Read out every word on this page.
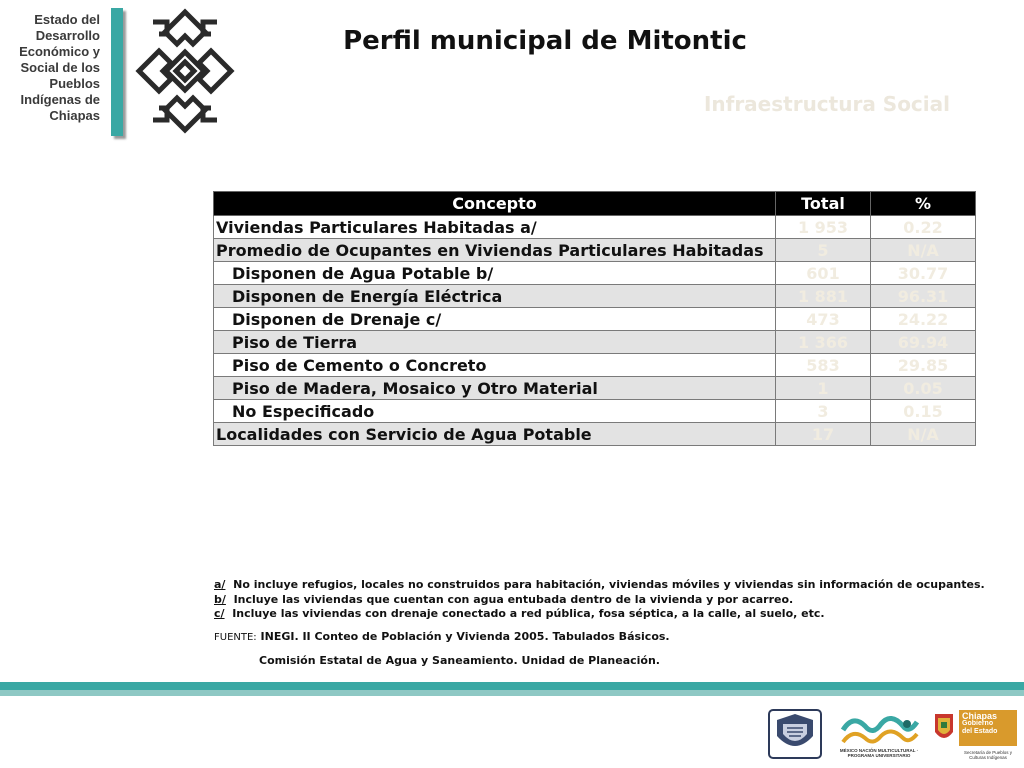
Estado del
Desarrollo
Económico y
Social de los
Pueblos
Indígenas de
Chiapas
Perfil municipal de Mitontic
Infraestructura Social
Concepto	Total	%
Viviendas Particulares Habitadas a/	1 953	0.22
Promedio de Ocupantes en Viviendas Particulares Habitadas	5	N/A
Disponen de Agua Potable b/	601	30.77
Disponen de Energía Eléctrica	1 881	96.31
Disponen de Drenaje c/	473	24.22
Piso de Tierra	1 366	69.94
Piso de Cemento o Concreto	583	29.85
Piso de Madera, Mosaico y Otro Material	1	0.05
No Especificado	3	0.15
Localidades con Servicio de Agua Potable	17	N/A
a/ No incluye refugios, locales no construidos para habitación, viviendas móviles y viviendas sin información de ocupantes.
b/ Incluye las viviendas que cuentan con agua entubada dentro de la vivienda y por acarreo.
c/ Incluye las viviendas con drenaje conectado a red pública, fosa séptica, a la calle, al suelo, etc.
FUENTE: INEGI. II Conteo de Población y Vivienda 2005. Tabulados Básicos.
Comisión Estatal de Agua y Saneamiento. Unidad de Planeación.
MÉXICO NACIÓN MULTICULTURAL · PROGRAMA UNIVERSITARIO
Chiapas
Gobierno
del Estado
Secretaría de Pueblos y Culturas Indígenas
